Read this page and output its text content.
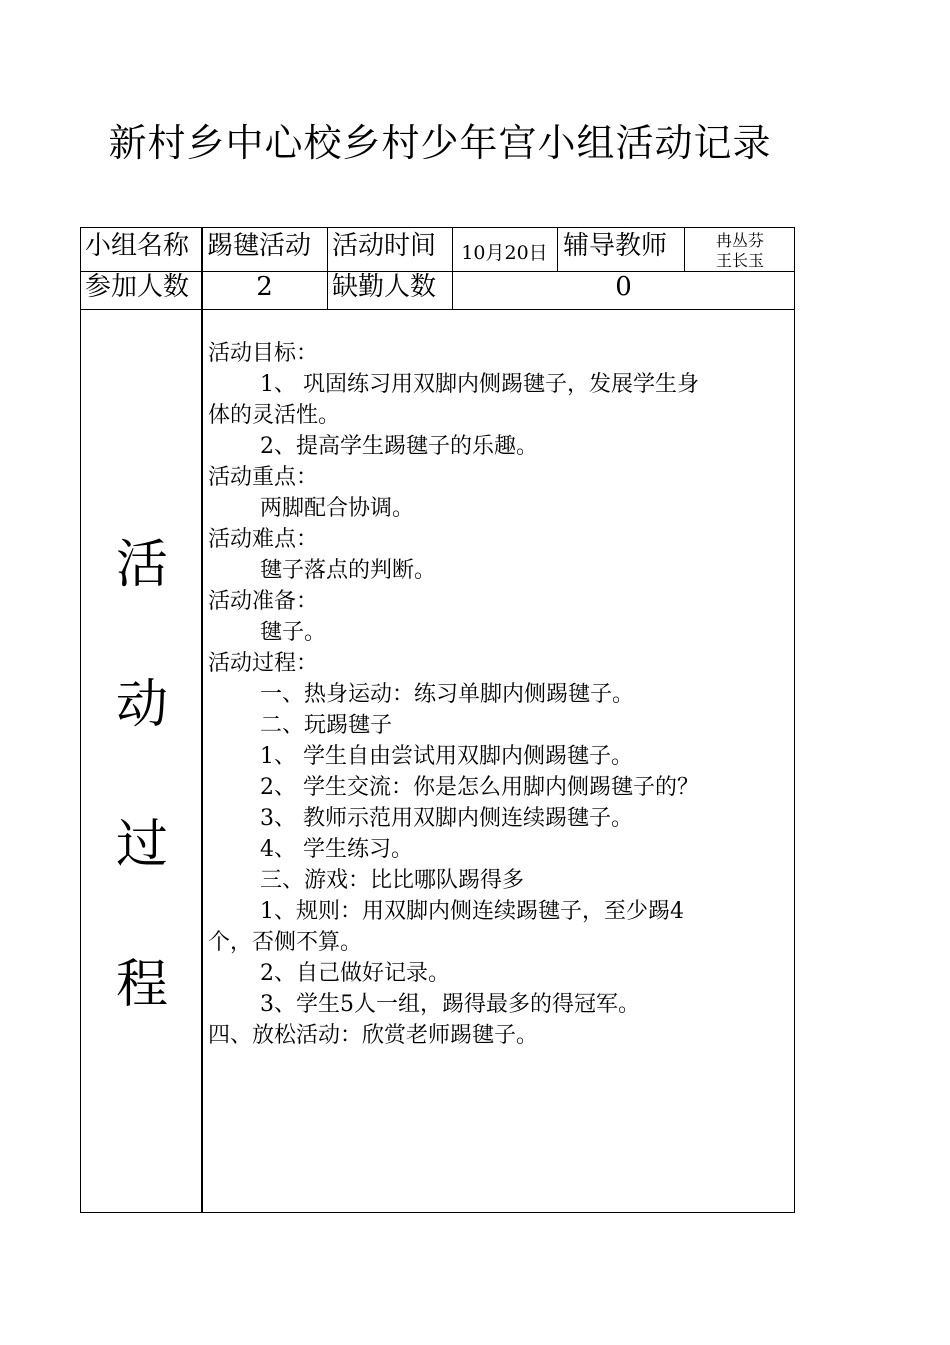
新村乡中心校乡村少年宫小组活动记录
小组名称 踢毽活动 活动时间	10月20日 辅导教师	冉丛芬
王长玉
参加人数	2	缺勤人数	0
活
动
过
程
活动目标：
1、 巩固练习用双脚内侧踢毽子，发展学生身
体的灵活性。
2、提高学生踢毽子的乐趣。
活动重点：
两脚配合协调。
活动难点：
毽子落点的判断。
活动准备：
毽子。
活动过程：
一、热身运动：练习单脚内侧踢毽子。
二、玩踢毽子
1、 学生自由尝试用双脚内侧踢毽子。
2、 学生交流：你是怎么用脚内侧踢毽子的？
3、 教师示范用双脚内侧连续踢毽子。
4、 学生练习。
三、游戏：比比哪队踢得多
1、规则：用双脚内侧连续踢毽子，至少踢4
个，否侧不算。
2、自己做好记录。
3、学生5人一组，踢得最多的得冠军。
四、放松活动：欣赏老师踢毽子。
